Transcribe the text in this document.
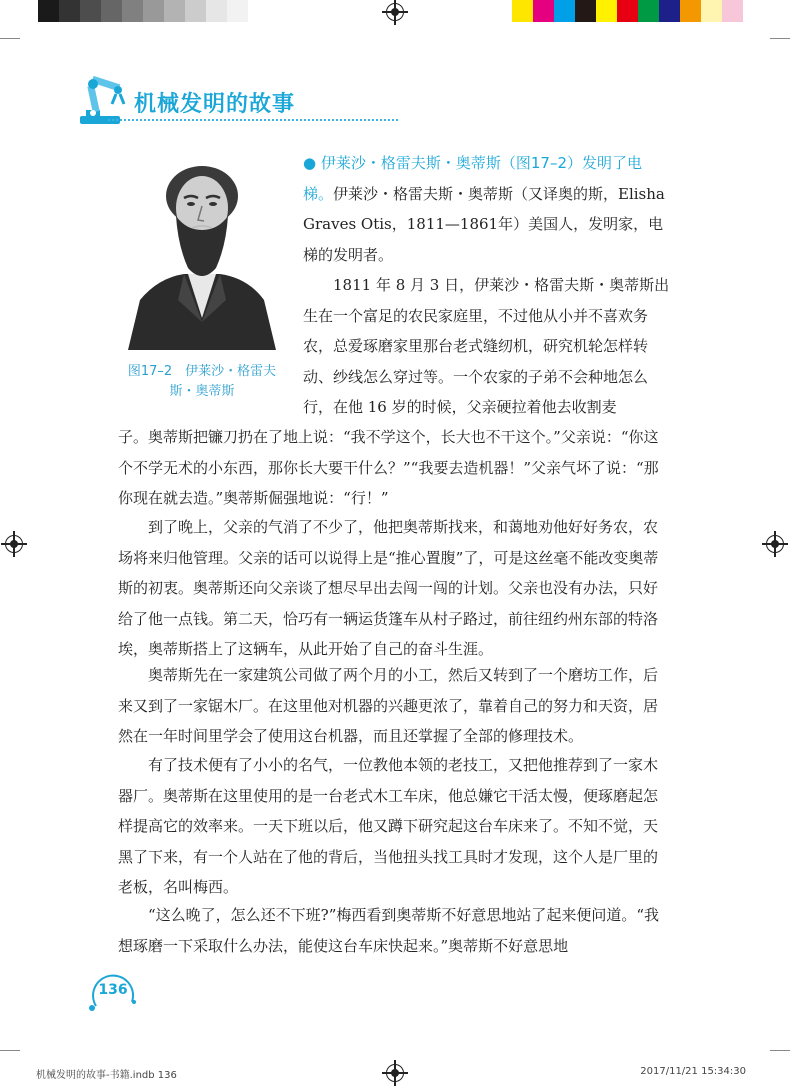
机械发明的故事
图17–2　伊莱沙・格雷夫斯・奥蒂斯

● 伊莱沙・格雷夫斯・奥蒂斯（图17–2）发明了电梯。伊莱沙・格雷夫斯・奥蒂斯（又译奥的斯，Elisha Graves Otis，1811—1861年）美国人，发明家，电梯的发明者。

1811 年 8 月 3 日，伊莱沙・格雷夫斯・奥蒂斯出生在一个富足的农民家庭里，不过他从小并不喜欢务农，总爱琢磨家里那台老式缝纫机，研究机轮怎样转动、纱线怎么穿过等。一个农家的子弟不会种地怎么行，在他 16 岁的时候，父亲硬拉着他去收割麦

子。奥蒂斯把镰刀扔在了地上说：“我不学这个，长大也不干这个。”父亲说：“你这个不学无术的小东西，那你长大要干什么？”“我要去造机器！”父亲气坏了说：“那你现在就去造。”奥蒂斯倔强地说：“行！”

到了晚上，父亲的气消了不少了，他把奥蒂斯找来，和蔼地劝他好好务农，农场将来归他管理。父亲的话可以说得上是“推心置腹”了，可是这丝毫不能改变奥蒂斯的初衷。奥蒂斯还向父亲谈了想尽早出去闯一闯的计划。父亲也没有办法，只好给了他一点钱。第二天，恰巧有一辆运货篷车从村子路过，前往纽约州东部的特洛埃，奥蒂斯搭上了这辆车，从此开始了自己的奋斗生涯。

奥蒂斯先在一家建筑公司做了两个月的小工，然后又转到了一个磨坊工作，后来又到了一家锯木厂。在这里他对机器的兴趣更浓了，靠着自己的努力和天资，居然在一年时间里学会了使用这台机器，而且还掌握了全部的修理技术。

有了技术便有了小小的名气，一位教他本领的老技工，又把他推荐到了一家木器厂。奥蒂斯在这里使用的是一台老式木工车床，他总嫌它干活太慢，便琢磨起怎样提高它的效率来。一天下班以后，他又蹲下研究起这台车床来了。不知不觉，天黑了下来，有一个人站在了他的背后，当他扭头找工具时才发现，这个人是厂里的老板，名叫梅西。

“这么晚了，怎么还不下班?”梅西看到奥蒂斯不好意思地站了起来便问道。“我想琢磨一下采取什么办法，能使这台车床快起来。”奥蒂斯不好意思地

136
机械发明的故事-书籍.indb 136	2017/11/21 15:34:30
